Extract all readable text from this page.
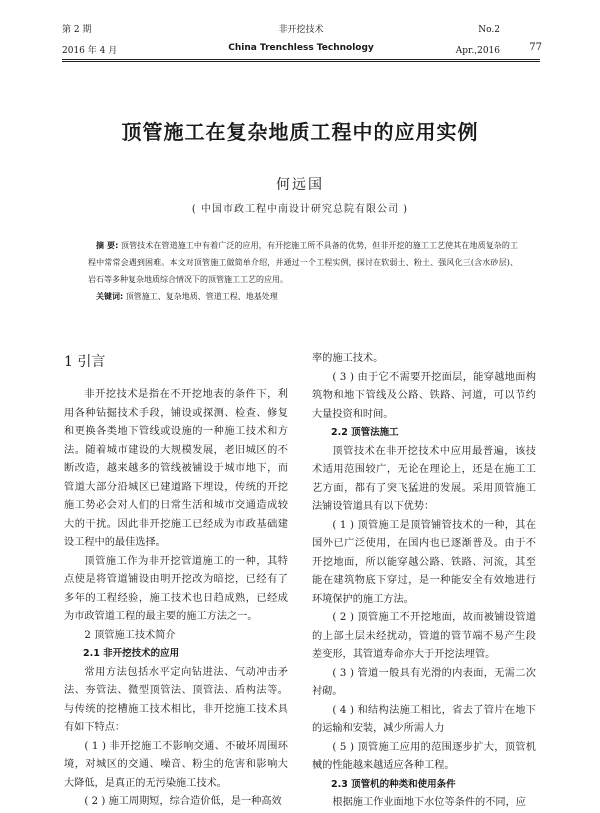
第 2 期	非开挖技术	No.2
2016 年 4 月	China Trenchless Technology	Apr.,2016	77
顶管施工在复杂地质工程中的应用实例
何远国
( 中国市政工程中南设计研究总院有限公司 )
摘 要: 顶管技术在管道施工中有着广泛的应用，有开挖施工所不具备的优势，但非开挖的施工工艺使其在地质复杂的工程中常常会遇到困难。本文对顶管施工做简单介绍，并通过一个工程实例，探讨在软弱土、粉土、强风化三(含水砂层)、岩石等多种复杂地质综合情况下的顶管施工工艺的应用。
关键词: 顶管施工、复杂地质、管道工程、地基处理
1 引言

非开挖技术是指在不开挖地表的条件下，利用各种钻掘技术手段，铺设或探测、检查、修复和更换各类地下管线或设施的一种施工技术和方法。随着城市建设的大规模发展，老旧城区的不断改造，越来越多的管线被铺设于城市地下，而管道大部分沿城区已建道路下埋设，传统的开挖施工势必会对人们的日常生活和城市交通造成较大的干扰。因此非开挖施工已经成为市政基础建设工程中的最佳选择。

顶管施工作为非开挖管道施工的一种，其特点使是将管道铺设由明开挖改为暗挖，已经有了多年的工程经验，施工技术也日趋成熟，已经成为市政管道工程的最主要的施工方法之一。

2 顶管施工技术简介

2.1 非开挖技术的应用

常用方法包括水平定向钻进法、气动冲击矛法、夯管法、微型顶管法、顶管法、盾构法等。与传统的挖槽施工技术相比，非开挖施工技术具有如下特点：

( 1 ) 非开挖施工不影响交通、不破坏周围环境，对城区的交通、噪音、粉尘的危害和影响大大降低，是真正的无污染施工技术。

( 2 ) 施工周期短，综合造价低，是一种高效

率的施工技术。

( 3 ) 由于它不需要开挖面层，能穿越地面构筑物和地下管线及公路、铁路、河道，可以节约大量投资和时间。

2.2 顶管法施工

顶管技术在非开挖技术中应用最普遍，该技术适用范围较广，无论在理论上，还是在施工工艺方面，都有了突飞猛进的发展。采用顶管施工法铺设管道具有以下优势：

( 1 ) 顶管施工是顶管铺管技术的一种，其在国外已广泛使用，在国内也已逐渐普及。由于不开挖地面，所以能穿越公路、铁路、河流，其至能在建筑物底下穿过，是一种能安全有效地进行环境保护的施工方法。

( 2 ) 顶管施工不开挖地面，故而被铺设管道的上部土层未经扰动，管道的管节端不易产生段差变形，其管道寿命亦大于开挖法埋管。

( 3 ) 管道一般具有光滑的内表面，无需二次衬砌。

( 4 ) 和结构法施工相比，省去了管片在地下的运输和安装，减少所需人力

( 5 ) 顶管施工应用的范围逐步扩大，顶管机械的性能越来越适应各种工程。

2.3 顶管机的种类和使用条件

根据施工作业面地下水位等条件的不同，应
